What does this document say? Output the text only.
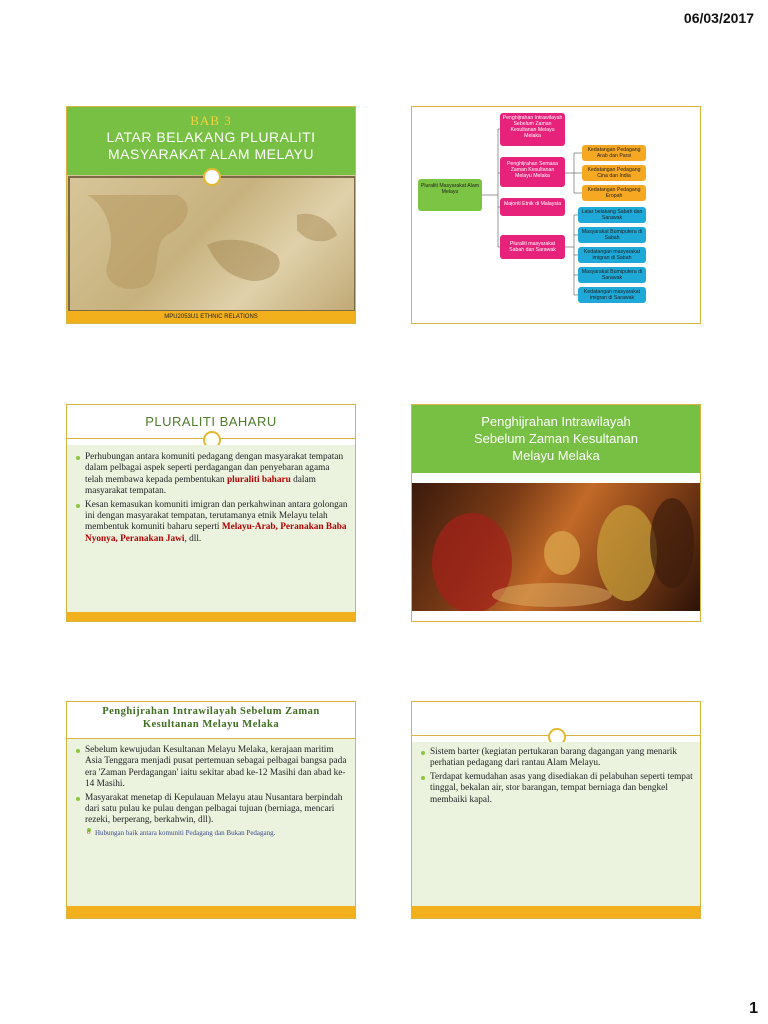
06/03/2017
BAB 3
LATAR BELAKANG PLURALITI
MASYARAKAT ALAM MELAYU
MPU2053U1 ETHNIC RELATIONS
Pluraliti Masyarakat Alam Melayu
Penghijrahan Intrawilayah Sebelum Zaman Kesultanan Melayu Melaka
Penghijrahan Semasa Zaman Kesultanan Melayu Melaka
Majoriti Etnik di Malaysia
Pluraliti masyarakat Sabah dan Sarawak
Kedatangan Pedagang Arab dan Parsi
Kedatangan Pedagang Cina dan India
Kedatangan Pedagang Eropah
Latar belakang Sabah dan Sarawak
Masyarakat Bumiputera di Sabah
Kedatangan masyarakat imigran di Sabah
Masyarakat Bumiputera di Sarawak
Kedatangan masyarakat imigran di Sarawak
PLURALITI BAHARU
Perhubungan antara komuniti pedagang dengan masyarakat tempatan dalam pelbagai aspek seperti perdagangan dan penyebaran agama telah membawa kepada pembentukan pluraliti baharu dalam masyarakat tempatan.
Kesan kemasukan komuniti imigran dan perkahwinan antara golongan ini dengan masyarakat tempatan, terutamanya etnik Melayu telah membentuk komuniti baharu seperti Melayu-Arab, Peranakan Baba Nyonya, Peranakan Jawi, dll.
Penghijrahan Intrawilayah
Sebelum Zaman Kesultanan
Melayu Melaka
Penghijrahan Intrawilayah Sebelum Zaman
Kesultanan Melayu Melaka
Sebelum kewujudan Kesultanan Melayu Melaka, kerajaan maritim Asia Tenggara menjadi pusat pertemuan sebagai pelbagai bangsa pada era 'Zaman Perdagangan' iaitu sekitar abad ke-12 Masihi dan abad ke-14 Masihi.
Masyarakat menetap di Kepulauan Melayu atau Nusantara berpindah dari satu pulau ke pulau dengan pelbagai tujuan (berniaga, mencari rezeki, berperang, berkahwin, dll).
o Hubungan baik antara komuniti Pedagang dan Bukan Pedagang.
Sistem barter (kegiatan pertukaran barang dagangan yang menarik perhatian pedagang dari rantau Alam Melayu.
Terdapat kemudahan asas yang disediakan di pelabuhan seperti tempat tinggal, bekalan air, stor barangan, tempat berniaga dan bengkel membaiki kapal.
1
